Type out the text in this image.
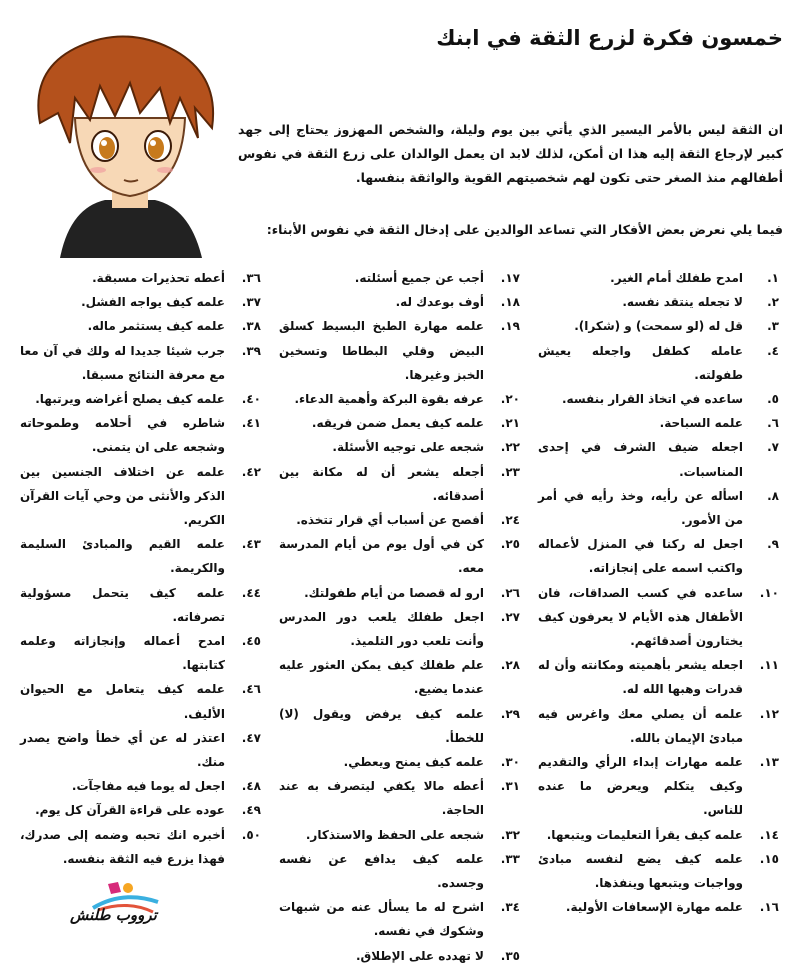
خمسون فكرة لزرع الثقة في ابنك
ان الثقة ليس بالأمر اليسير الذي يأتي بين يوم وليلة، والشخص المهزوز يحتاج إلى جهد كبير لإرجاع الثقة إليه هذا ان أمكن، لذلك لابد ان يعمل الوالدان على زرع الثقة في نفوس أطفالهم منذ الصغر حتى تكون لهم شخصيتهم القوية والواثقة بنفسها.
فيما يلي نعرض بعض الأفكار التي تساعد الوالدين على إدخال الثقة في نفوس الأبناء:
١.
امدح طفلك أمام الغير.
٢.
لا تجعله ينتقد نفسه.
٣.
قل له (لو سمحت) و (شكرا).
٤.
عامله كطفل واجعله يعيش طفولته.
٥.
ساعده في اتخاذ القرار بنفسه.
٦.
علمه السباحة.
٧.
اجعله ضيف الشرف في إحدى المناسبات.
٨.
اسأله عن رأيه، وخذ رأيه في أمر من الأمور.
٩.
اجعل له ركنا في المنزل لأعماله واكتب اسمه على إنجازاته.
١٠.
ساعده في كسب الصداقات، فان الأطفال هذه الأيام لا يعرفون كيف يختارون أصدقائهم.
١١.
اجعله يشعر بأهميته ومكانته وأن له قدرات وهبها الله له.
١٢.
علمه أن يصلي معك واغرس فيه مبادئ الإيمان بالله.
١٣.
علمه مهارات إبداء الرأي والتقديم وكيف يتكلم ويعرض ما عنده للناس.
١٤.
علمه كيف يقرأ التعليمات ويتبعها.
١٥.
علمه كيف يضع لنفسه مبادئ وواجبات ويتبعها وينفذها.
١٦.
علمه مهارة الإسعافات الأولية.
١٧.
أجب عن جميع أسئلته.
١٨.
أوف بوعدك له.
١٩.
علمه مهارة الطبخ البسيط كسلق البيض وقلي البطاطا وتسخين الخبز وغيرها.
٢٠.
عرفه بقوة البركة وأهمية الدعاء.
٢١.
علمه كيف يعمل ضمن فريقه.
٢٢.
شجعه على توجيه الأسئلة.
٢٣.
أجعله يشعر أن له مكانة بين أصدقائه.
٢٤.
أفصح عن أسباب أي قرار تتخذه.
٢٥.
كن في أول يوم من أيام المدرسة معه.
٢٦.
ارو له قصصا من أيام طفولتك.
٢٧.
اجعل طفلك يلعب دور المدرس وأنت تلعب دور التلميذ.
٢٨.
علم طفلك كيف يمكن العثور عليه عندما يضيع.
٢٩.
علمه كيف يرفض ويقول (لا) للخطأ.
٣٠.
علمه كيف يمنح ويعطي.
٣١.
أعطه مالا يكفي ليتصرف به عند الحاجة.
٣٢.
شجعه على الحفظ والاستذكار.
٣٣.
علمه كيف يدافع عن نفسه وجسده.
٣٤.
اشرح له ما يسأل عنه من شبهات وشكوك في نفسه.
٣٥.
لا تهدده على الإطلاق.
٣٦.
أعطه تحذيرات مسبقة.
٣٧.
علمه كيف يواجه الفشل.
٣٨.
علمه كيف يستثمر ماله.
٣٩.
جرب شيئا جديدا له ولك في آن معا مع معرفة النتائج مسبقا.
٤٠.
علمه كيف يصلح أغراضه ويرتبها.
٤١.
شاطره في أحلامه وطموحاته وشجعه على ان يتمنى.
٤٢.
علمه عن اختلاف الجنسين بين الذكر والأنثى من وحي آيات القرآن الكريم.
٤٣.
علمه القيم والمبادئ السليمة والكريمة.
٤٤.
علمه كيف يتحمل مسؤولية تصرفاته.
٤٥.
امدح أعماله وإنجازاته وعلمه كتابتها.
٤٦.
علمه كيف يتعامل مع الحيوان الأليف.
٤٧.
اعتذر له عن أي خطأ واضح يصدر منك.
٤٨.
اجعل له يوما فيه مفاجآت.
٤٩.
عوده على قراءة القرآن كل يوم.
٥٠.
أخبره انك تحبه وضمه إلى صدرك، فهذا يزرع فيه الثقة بنفسه.
ترووب طلنش
